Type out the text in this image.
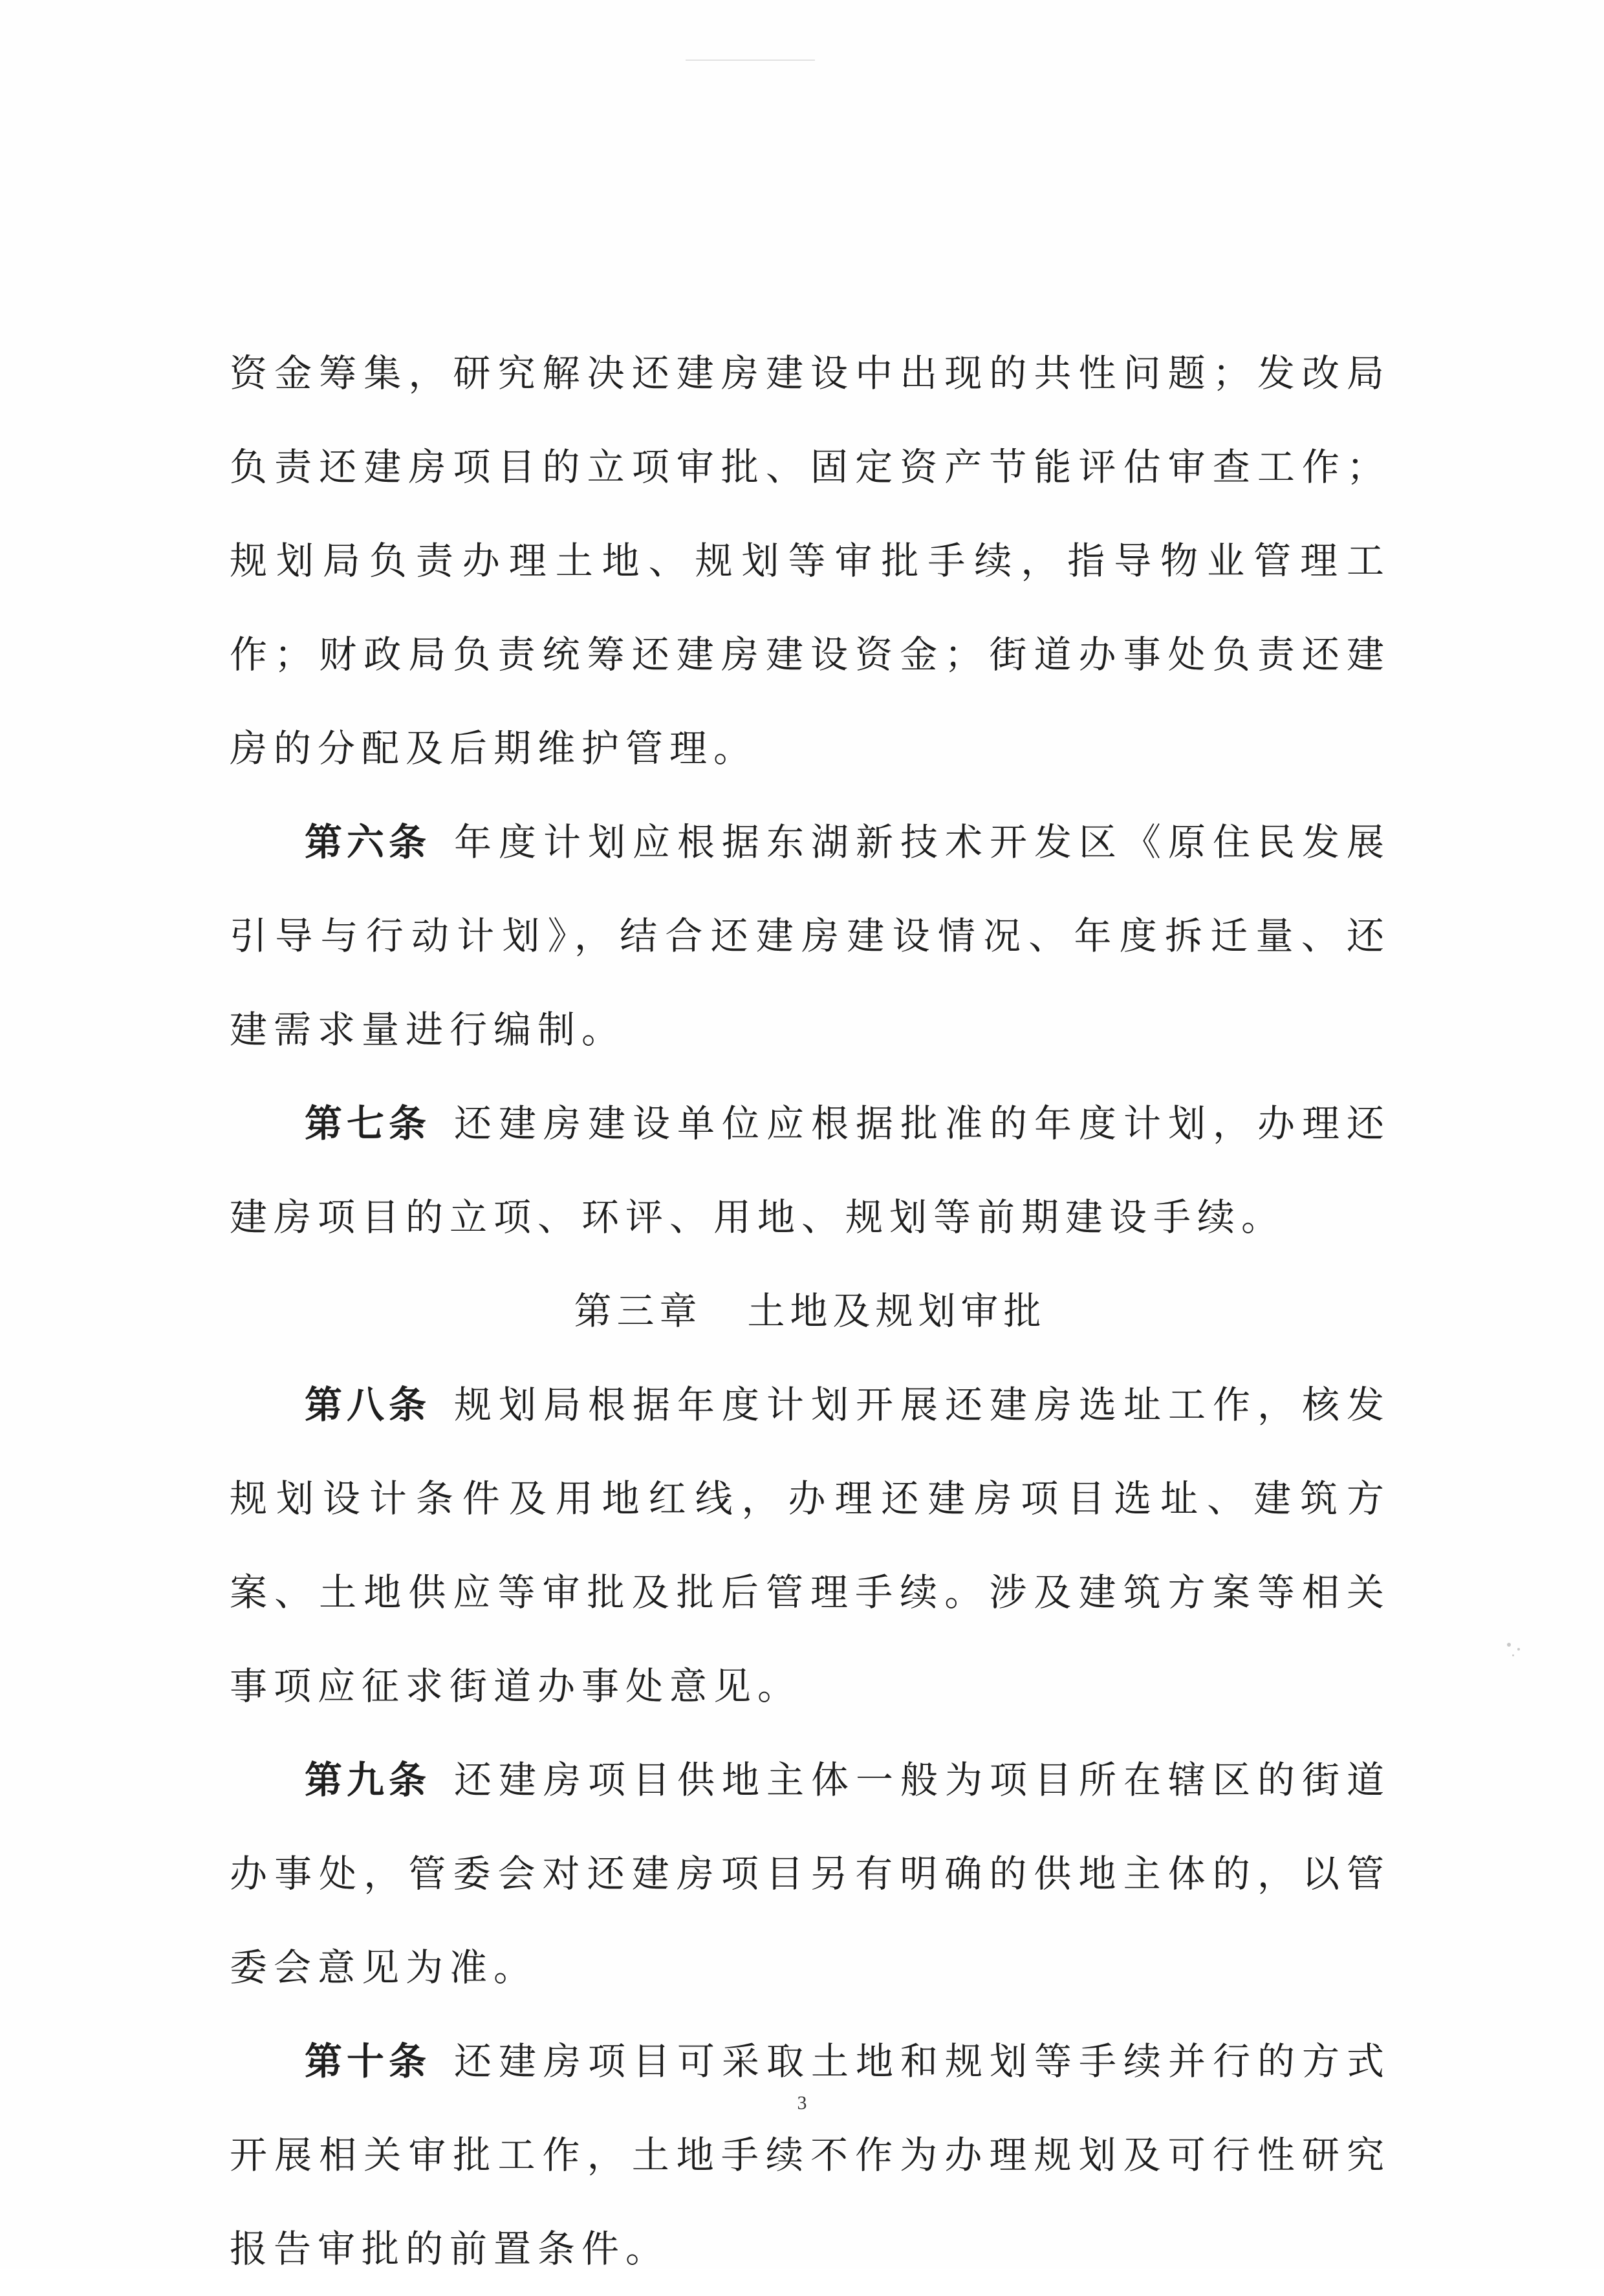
资金筹集，研究解决还建房建设中出现的共性问题；发改局负责还建房项目的立项审批、固定资产节能评估审查工作；规划局负责办理土地、规划等审批手续，指导物业管理工作；财政局负责统筹还建房建设资金；街道办事处负责还建房的分配及后期维护管理。

第六条 年度计划应根据东湖新技术开发区《原住民发展引导与行动计划》，结合还建房建设情况、年度拆迁量、还建需求量进行编制。

第七条 还建房建设单位应根据批准的年度计划，办理还建房项目的立项、环评、用地、规划等前期建设手续。

第三章 土地及规划审批

第八条 规划局根据年度计划开展还建房选址工作，核发规划设计条件及用地红线，办理还建房项目选址、建筑方案、土地供应等审批及批后管理手续。涉及建筑方案等相关事项应征求街道办事处意见。

第九条 还建房项目供地主体一般为项目所在辖区的街道办事处，管委会对还建房项目另有明确的供地主体的，以管委会意见为准。

第十条 还建房项目可采取土地和规划等手续并行的方式开展相关审批工作，土地手续不作为办理规划及可行性研究报告审批的前置条件。

3
